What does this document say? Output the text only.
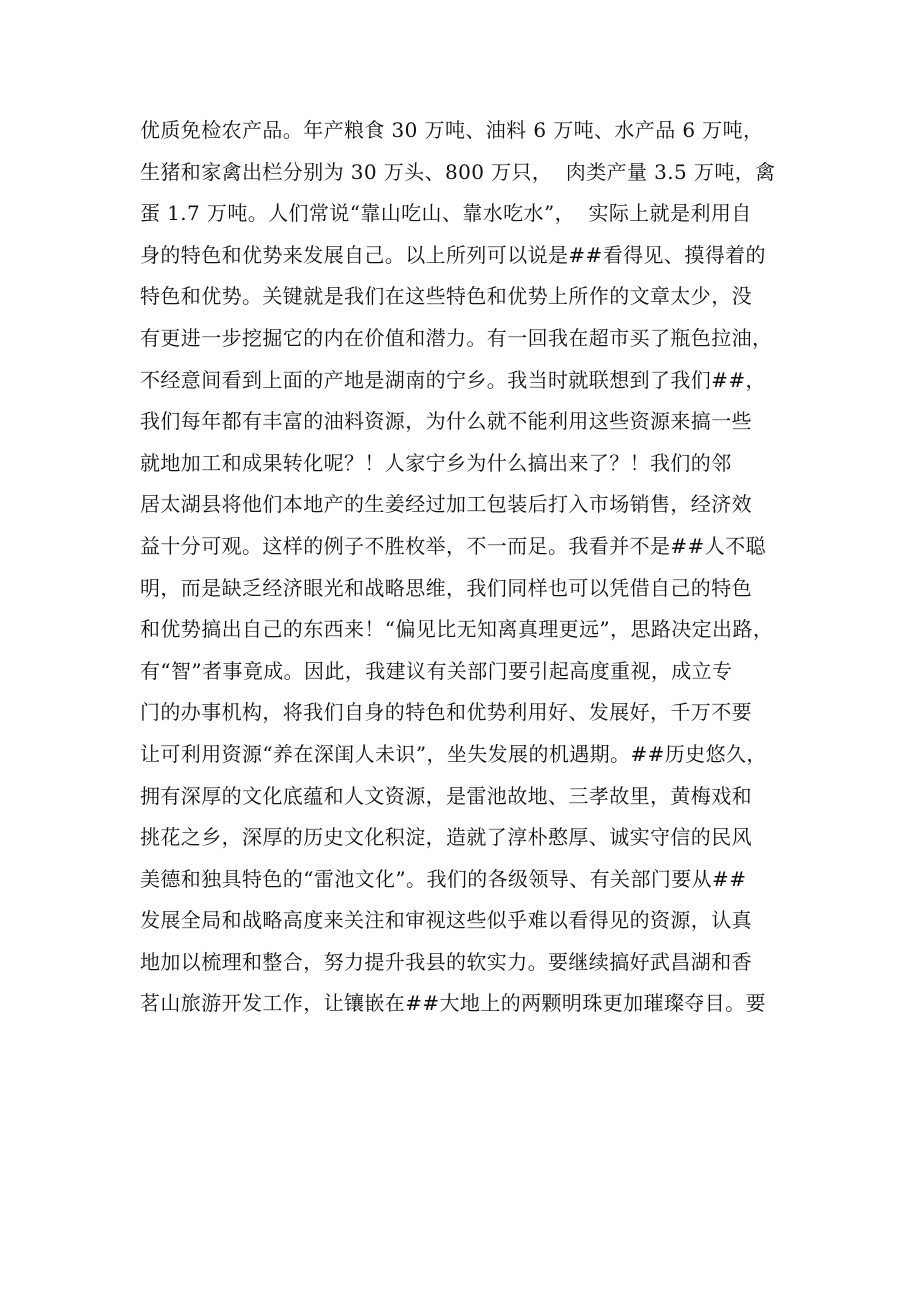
优质免检农产品。年产粮食 30 万吨、油料 6 万吨、水产品 6 万吨，
生猪和家禽出栏分别为 30 万头、800 万只，  肉类产量 3.5 万吨，禽
蛋 1.7 万吨。人们常说“靠山吃山、靠水吃水”，  实际上就是利用自
身的特色和优势来发展自己。以上所列可以说是##看得见、摸得着的
特色和优势。关键就是我们在这些特色和优势上所作的文章太少，没
有更进一步挖掘它的内在价值和潜力。有一回我在超市买了瓶色拉油，
不经意间看到上面的产地是湖南的宁乡。我当时就联想到了我们##，
我们每年都有丰富的油料资源，为什么就不能利用这些资源来搞一些
就地加工和成果转化呢？！人家宁乡为什么搞出来了？！我们的邻
居太湖县将他们本地产的生姜经过加工包装后打入市场销售，经济效
益十分可观。这样的例子不胜枚举，不一而足。我看并不是##人不聪
明，而是缺乏经济眼光和战略思维，我们同样也可以凭借自己的特色
和优势搞出自己的东西来！“偏见比无知离真理更远”，思路决定出路，
有“智”者事竟成。因此，我建议有关部门要引起高度重视，成立专
门的办事机构，将我们自身的特色和优势利用好、发展好，千万不要
让可利用资源“养在深闺人未识”，坐失发展的机遇期。##历史悠久，
拥有深厚的文化底蕴和人文资源，是雷池故地、三孝故里，黄梅戏和
挑花之乡，深厚的历史文化积淀，造就了淳朴憨厚、诚实守信的民风
美德和独具特色的“雷池文化”。我们的各级领导、有关部门要从##
发展全局和战略高度来关注和审视这些似乎难以看得见的资源，认真
地加以梳理和整合，努力提升我县的软实力。要继续搞好武昌湖和香
茗山旅游开发工作，让镶嵌在##大地上的两颗明珠更加璀璨夺目。要
